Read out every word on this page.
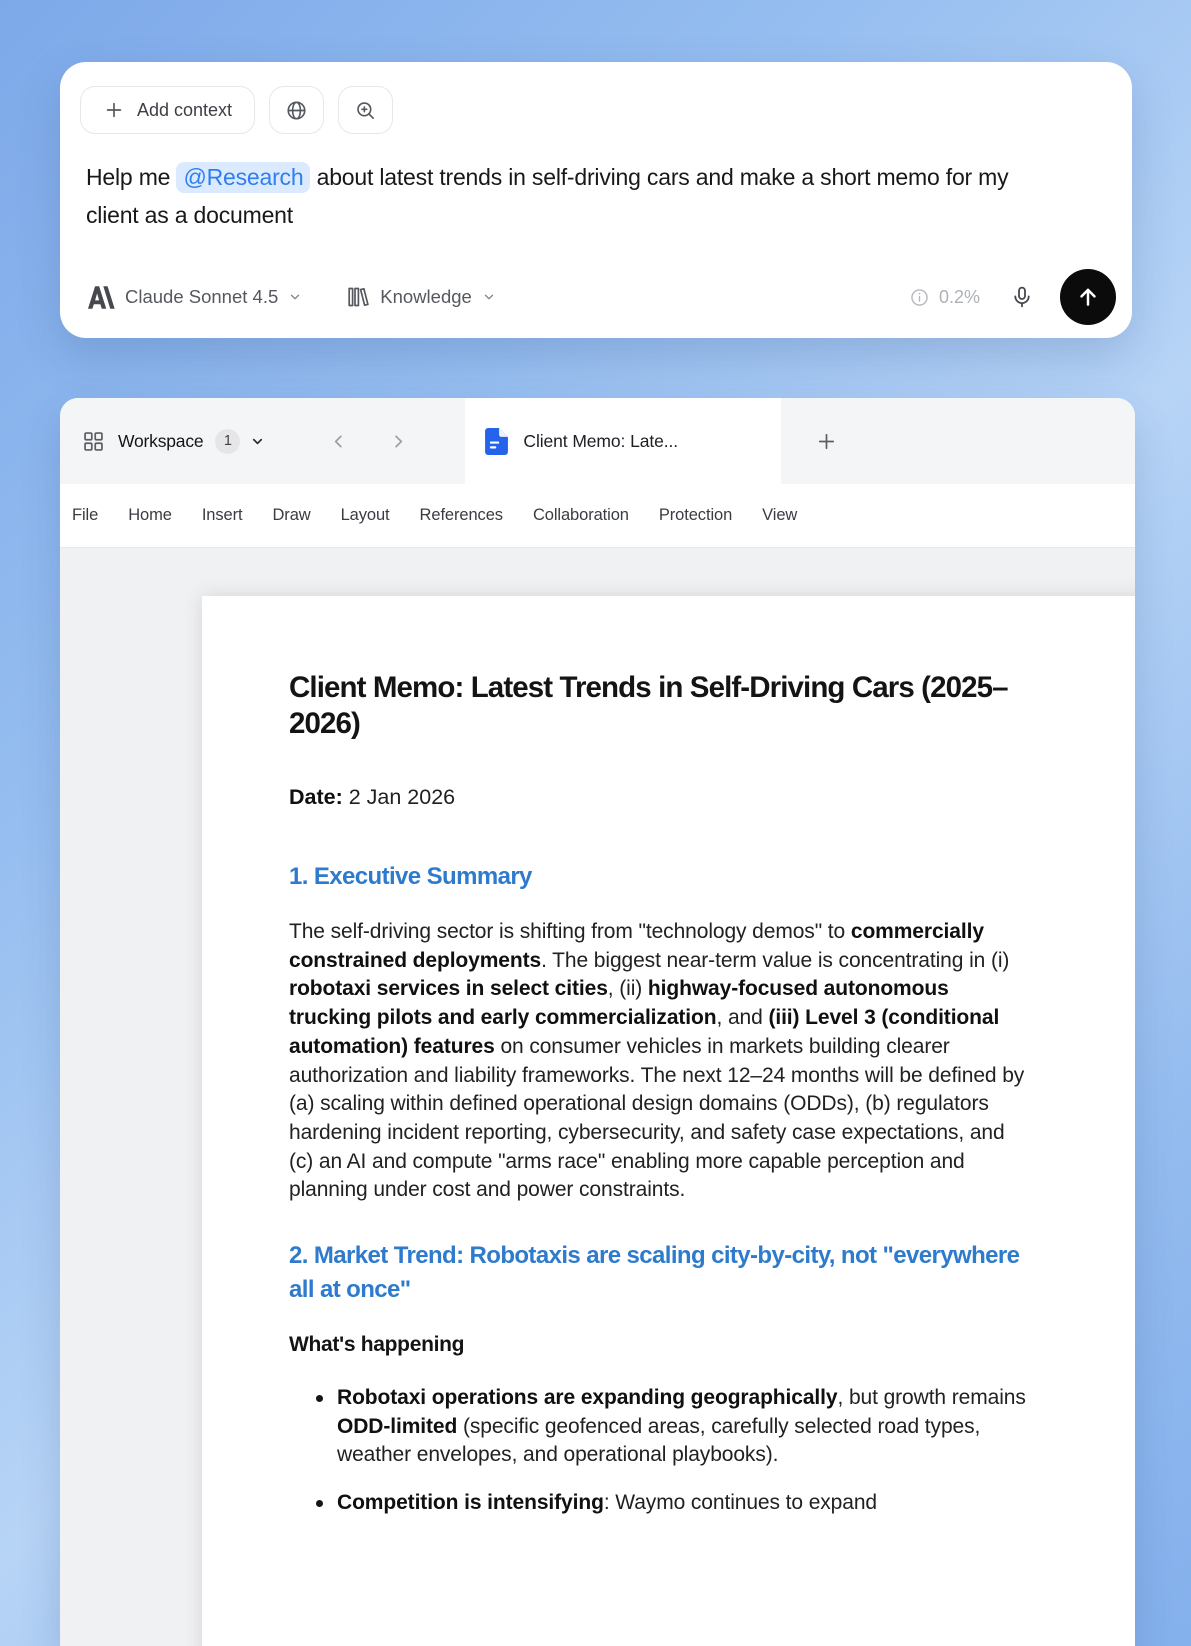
Add context
Help me @Research about latest trends in self-driving cars and make a short memo for my client as a document
Claude Sonnet 4.5	Knowledge	0.2%
Workspace	1	Client Memo: Late...
File Home Insert Draw Layout References Collaboration Protection View
Client Memo: Latest Trends in Self-Driving Cars (2025–2026)

Date: 2 Jan 2026

1. Executive Summary

The self-driving sector is shifting from "technology demos" to commercially constrained deployments. The biggest near-term value is concentrating in (i) robotaxi services in select cities, (ii) highway-focused autonomous trucking pilots and early commercialization, and (iii) Level 3 (conditional automation) features on consumer vehicles in markets building clearer authorization and liability frameworks. The next 12–24 months will be defined by (a) scaling within defined operational design domains (ODDs), (b) regulators hardening incident reporting, cybersecurity, and safety case expectations, and (c) an AI and compute "arms race" enabling more capable perception and planning under cost and power constraints.

2. Market Trend: Robotaxis are scaling city-by-city, not "everywhere all at once"
What's happening
Robotaxi operations are expanding geographically, but growth remains ODD-limited (specific geofenced areas, carefully selected road types, weather envelopes, and operational playbooks).
Competition is intensifying: Waymo continues to expand
